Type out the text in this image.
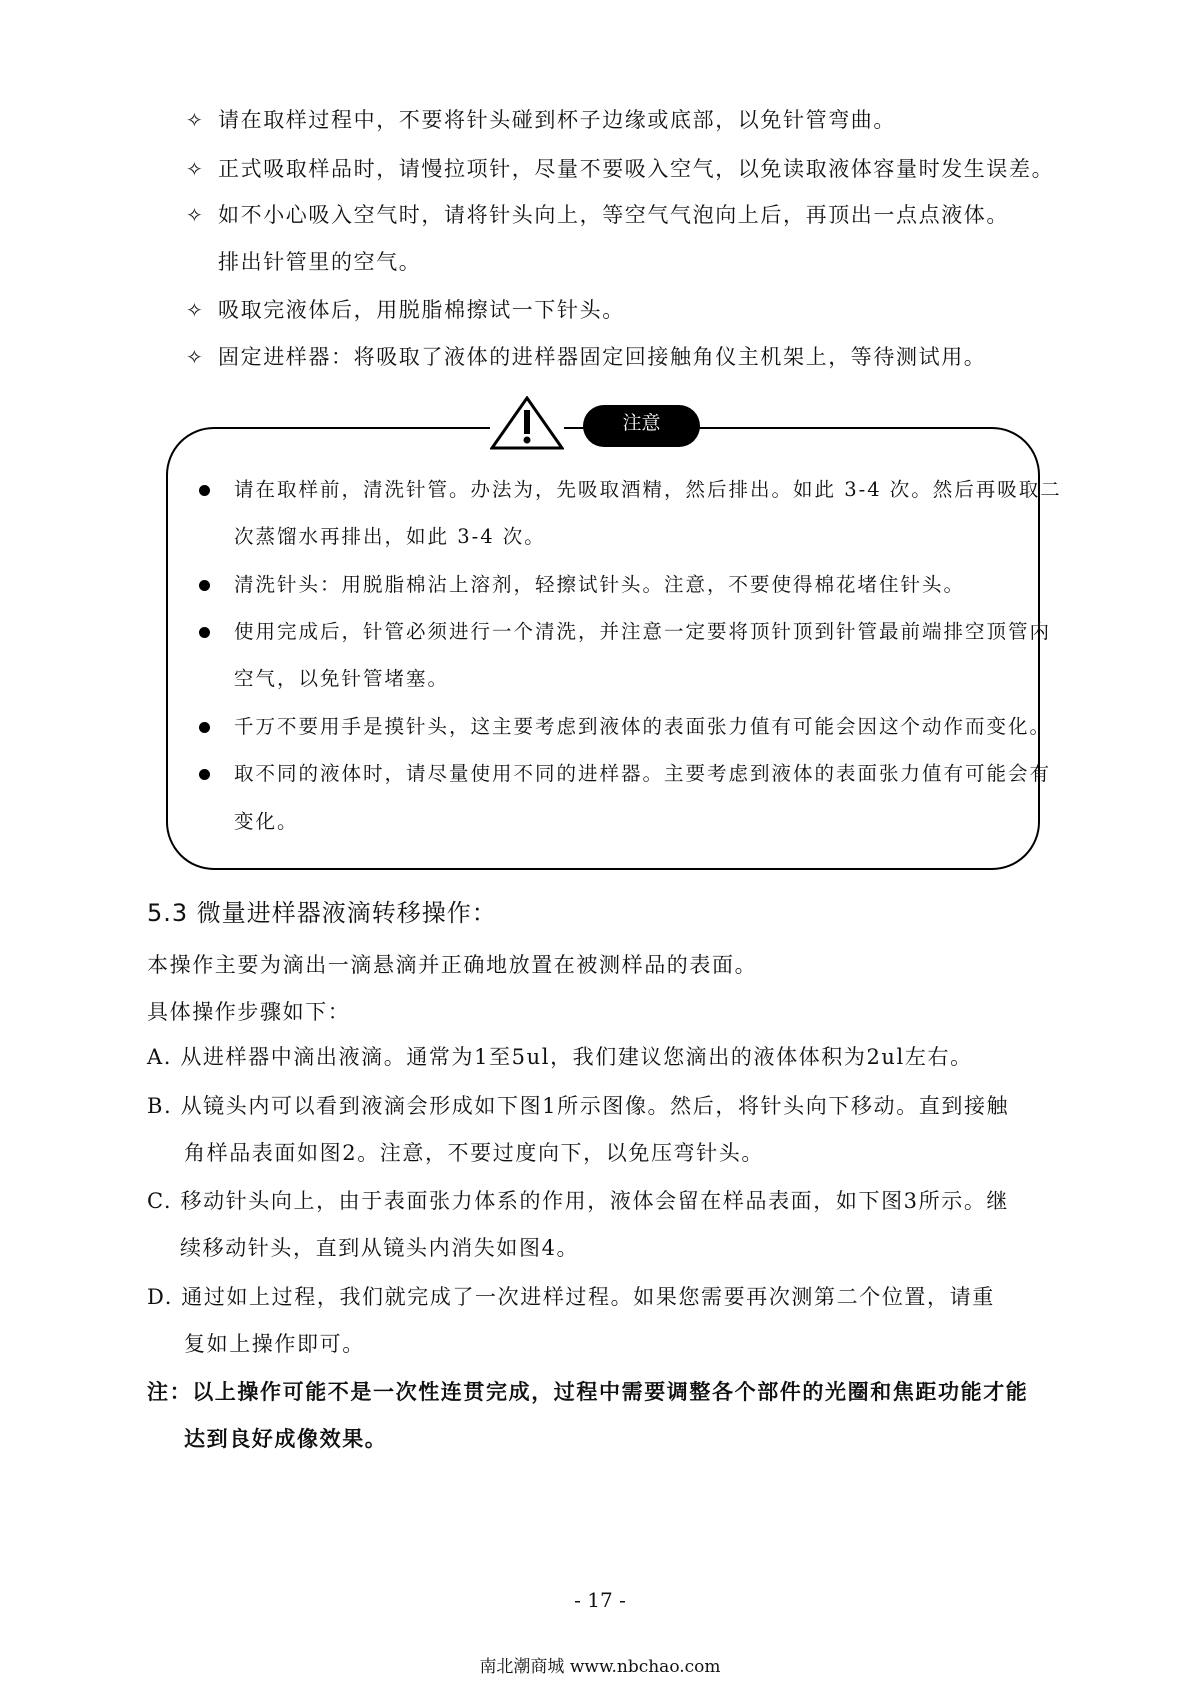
✧ 请在取样过程中，不要将针头碰到杯子边缘或底部，以免针管弯曲。
✧ 正式吸取样品时，请慢拉项针，尽量不要吸入空气，以免读取液体容量时发生误差。
✧ 如不小心吸入空气时，请将针头向上，等空气气泡向上后，再顶出一点点液体。
排出针管里的空气。
✧ 吸取完液体后，用脱脂棉擦试一下针头。
✧ 固定进样器：将吸取了液体的进样器固定回接触角仪主机架上，等待测试用。
注意
请在取样前，清洗针管。办法为，先吸取酒精，然后排出。如此 3-4 次。然后再吸取二
次蒸馏水再排出，如此 3-4 次。
清洗针头：用脱脂棉沾上溶剂，轻擦试针头。注意，不要使得棉花堵住针头。
使用完成后，针管必须进行一个清洗，并注意一定要将顶针顶到针管最前端排空顶管内
空气，以免针管堵塞。
千万不要用手是摸针头，这主要考虑到液体的表面张力值有可能会因这个动作而变化。
取不同的液体时，请尽量使用不同的进样器。主要考虑到液体的表面张力值有可能会有
变化。
5.3 微量进样器液滴转移操作：
本操作主要为滴出一滴悬滴并正确地放置在被测样品的表面。
具体操作步骤如下：
A. 从进样器中滴出液滴。通常为1至5ul，我们建议您滴出的液体体积为2ul左右。
B. 从镜头内可以看到液滴会形成如下图1所示图像。然后，将针头向下移动。直到接触
角样品表面如图2。注意，不要过度向下，以免压弯针头。
C. 移动针头向上，由于表面张力体系的作用，液体会留在样品表面，如下图3所示。继
续移动针头，直到从镜头内消失如图4。
D. 通过如上过程，我们就完成了一次进样过程。如果您需要再次测第二个位置，请重
复如上操作即可。
注：以上操作可能不是一次性连贯完成，过程中需要调整各个部件的光圈和焦距功能才能
达到良好成像效果。
- 17 -
南北潮商城 www.nbchao.com
